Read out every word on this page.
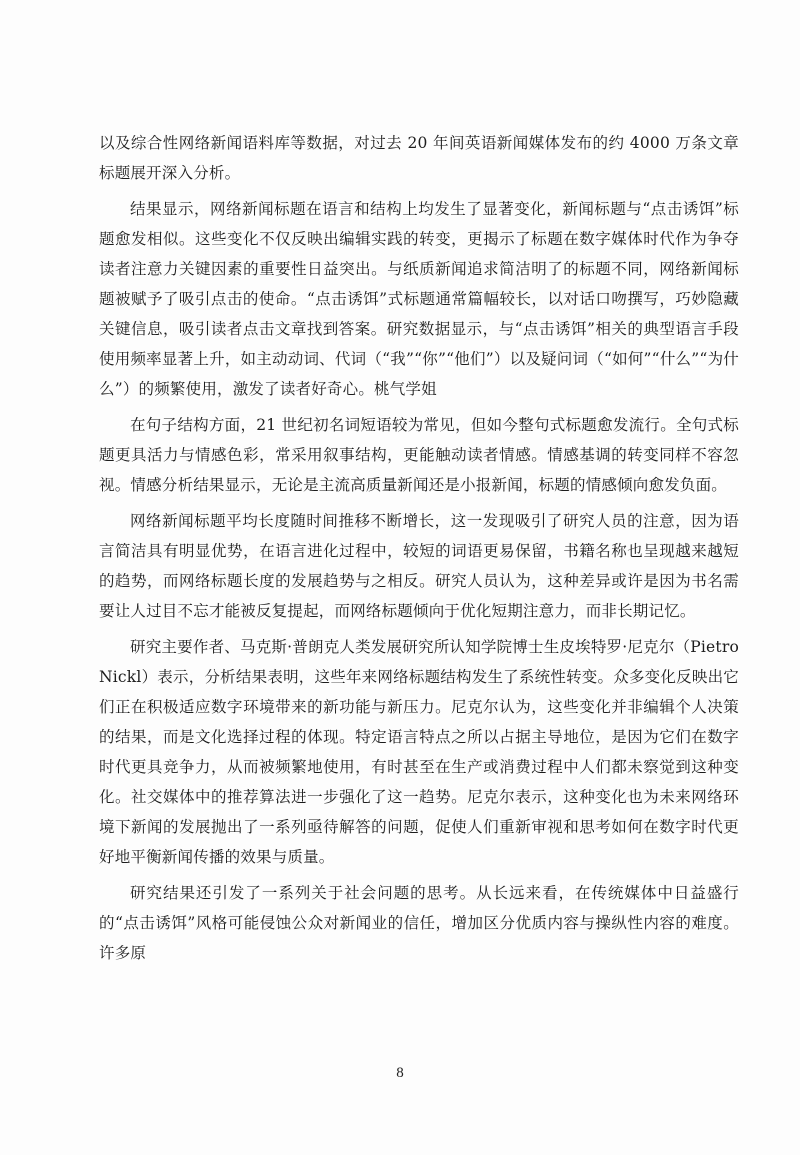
以及综合性网络新闻语料库等数据，对过去 20 年间英语新闻媒体发布的约 4000 万条文章标题展开深入分析。

结果显示，网络新闻标题在语言和结构上均发生了显著变化，新闻标题与“点击诱饵”标题愈发相似。这些变化不仅反映出编辑实践的转变，更揭示了标题在数字媒体时代作为争夺读者注意力关键因素的重要性日益突出。与纸质新闻追求简洁明了的标题不同，网络新闻标题被赋予了吸引点击的使命。“点击诱饵”式标题通常篇幅较长，以对话口吻撰写，巧妙隐藏关键信息，吸引读者点击文章找到答案。研究数据显示，与“点击诱饵”相关的典型语言手段使用频率显著上升，如主动动词、代词（“我”“你”“他们”）以及疑问词（“如何”“什么”“为什么”）的频繁使用，激发了读者好奇心。桃气学姐

在句子结构方面，21 世纪初名词短语较为常见，但如今整句式标题愈发流行。全句式标题更具活力与情感色彩，常采用叙事结构，更能触动读者情感。情感基调的转变同样不容忽视。情感分析结果显示，无论是主流高质量新闻还是小报新闻，标题的情感倾向愈发负面。

网络新闻标题平均长度随时间推移不断增长，这一发现吸引了研究人员的注意，因为语言简洁具有明显优势，在语言进化过程中，较短的词语更易保留，书籍名称也呈现越来越短的趋势，而网络标题长度的发展趋势与之相反。研究人员认为，这种差异或许是因为书名需要让人过目不忘才能被反复提起，而网络标题倾向于优化短期注意力，而非长期记忆。

研究主要作者、马克斯·普朗克人类发展研究所认知学院博士生皮埃特罗·尼克尔（Pietro Nickl）表示，分析结果表明，这些年来网络标题结构发生了系统性转变。众多变化反映出它们正在积极适应数字环境带来的新功能与新压力。尼克尔认为，这些变化并非编辑个人决策的结果，而是文化选择过程的体现。特定语言特点之所以占据主导地位，是因为它们在数字时代更具竞争力，从而被频繁地使用，有时甚至在生产或消费过程中人们都未察觉到这种变化。社交媒体中的推荐算法进一步强化了这一趋势。尼克尔表示，这种变化也为未来网络环境下新闻的发展抛出了一系列亟待解答的问题，促使人们重新审视和思考如何在数字时代更好地平衡新闻传播的效果与质量。

研究结果还引发了一系列关于社会问题的思考。从长远来看，在传统媒体中日益盛行的“点击诱饵”风格可能侵蚀公众对新闻业的信任，增加区分优质内容与操纵性内容的难度。许多原

8
